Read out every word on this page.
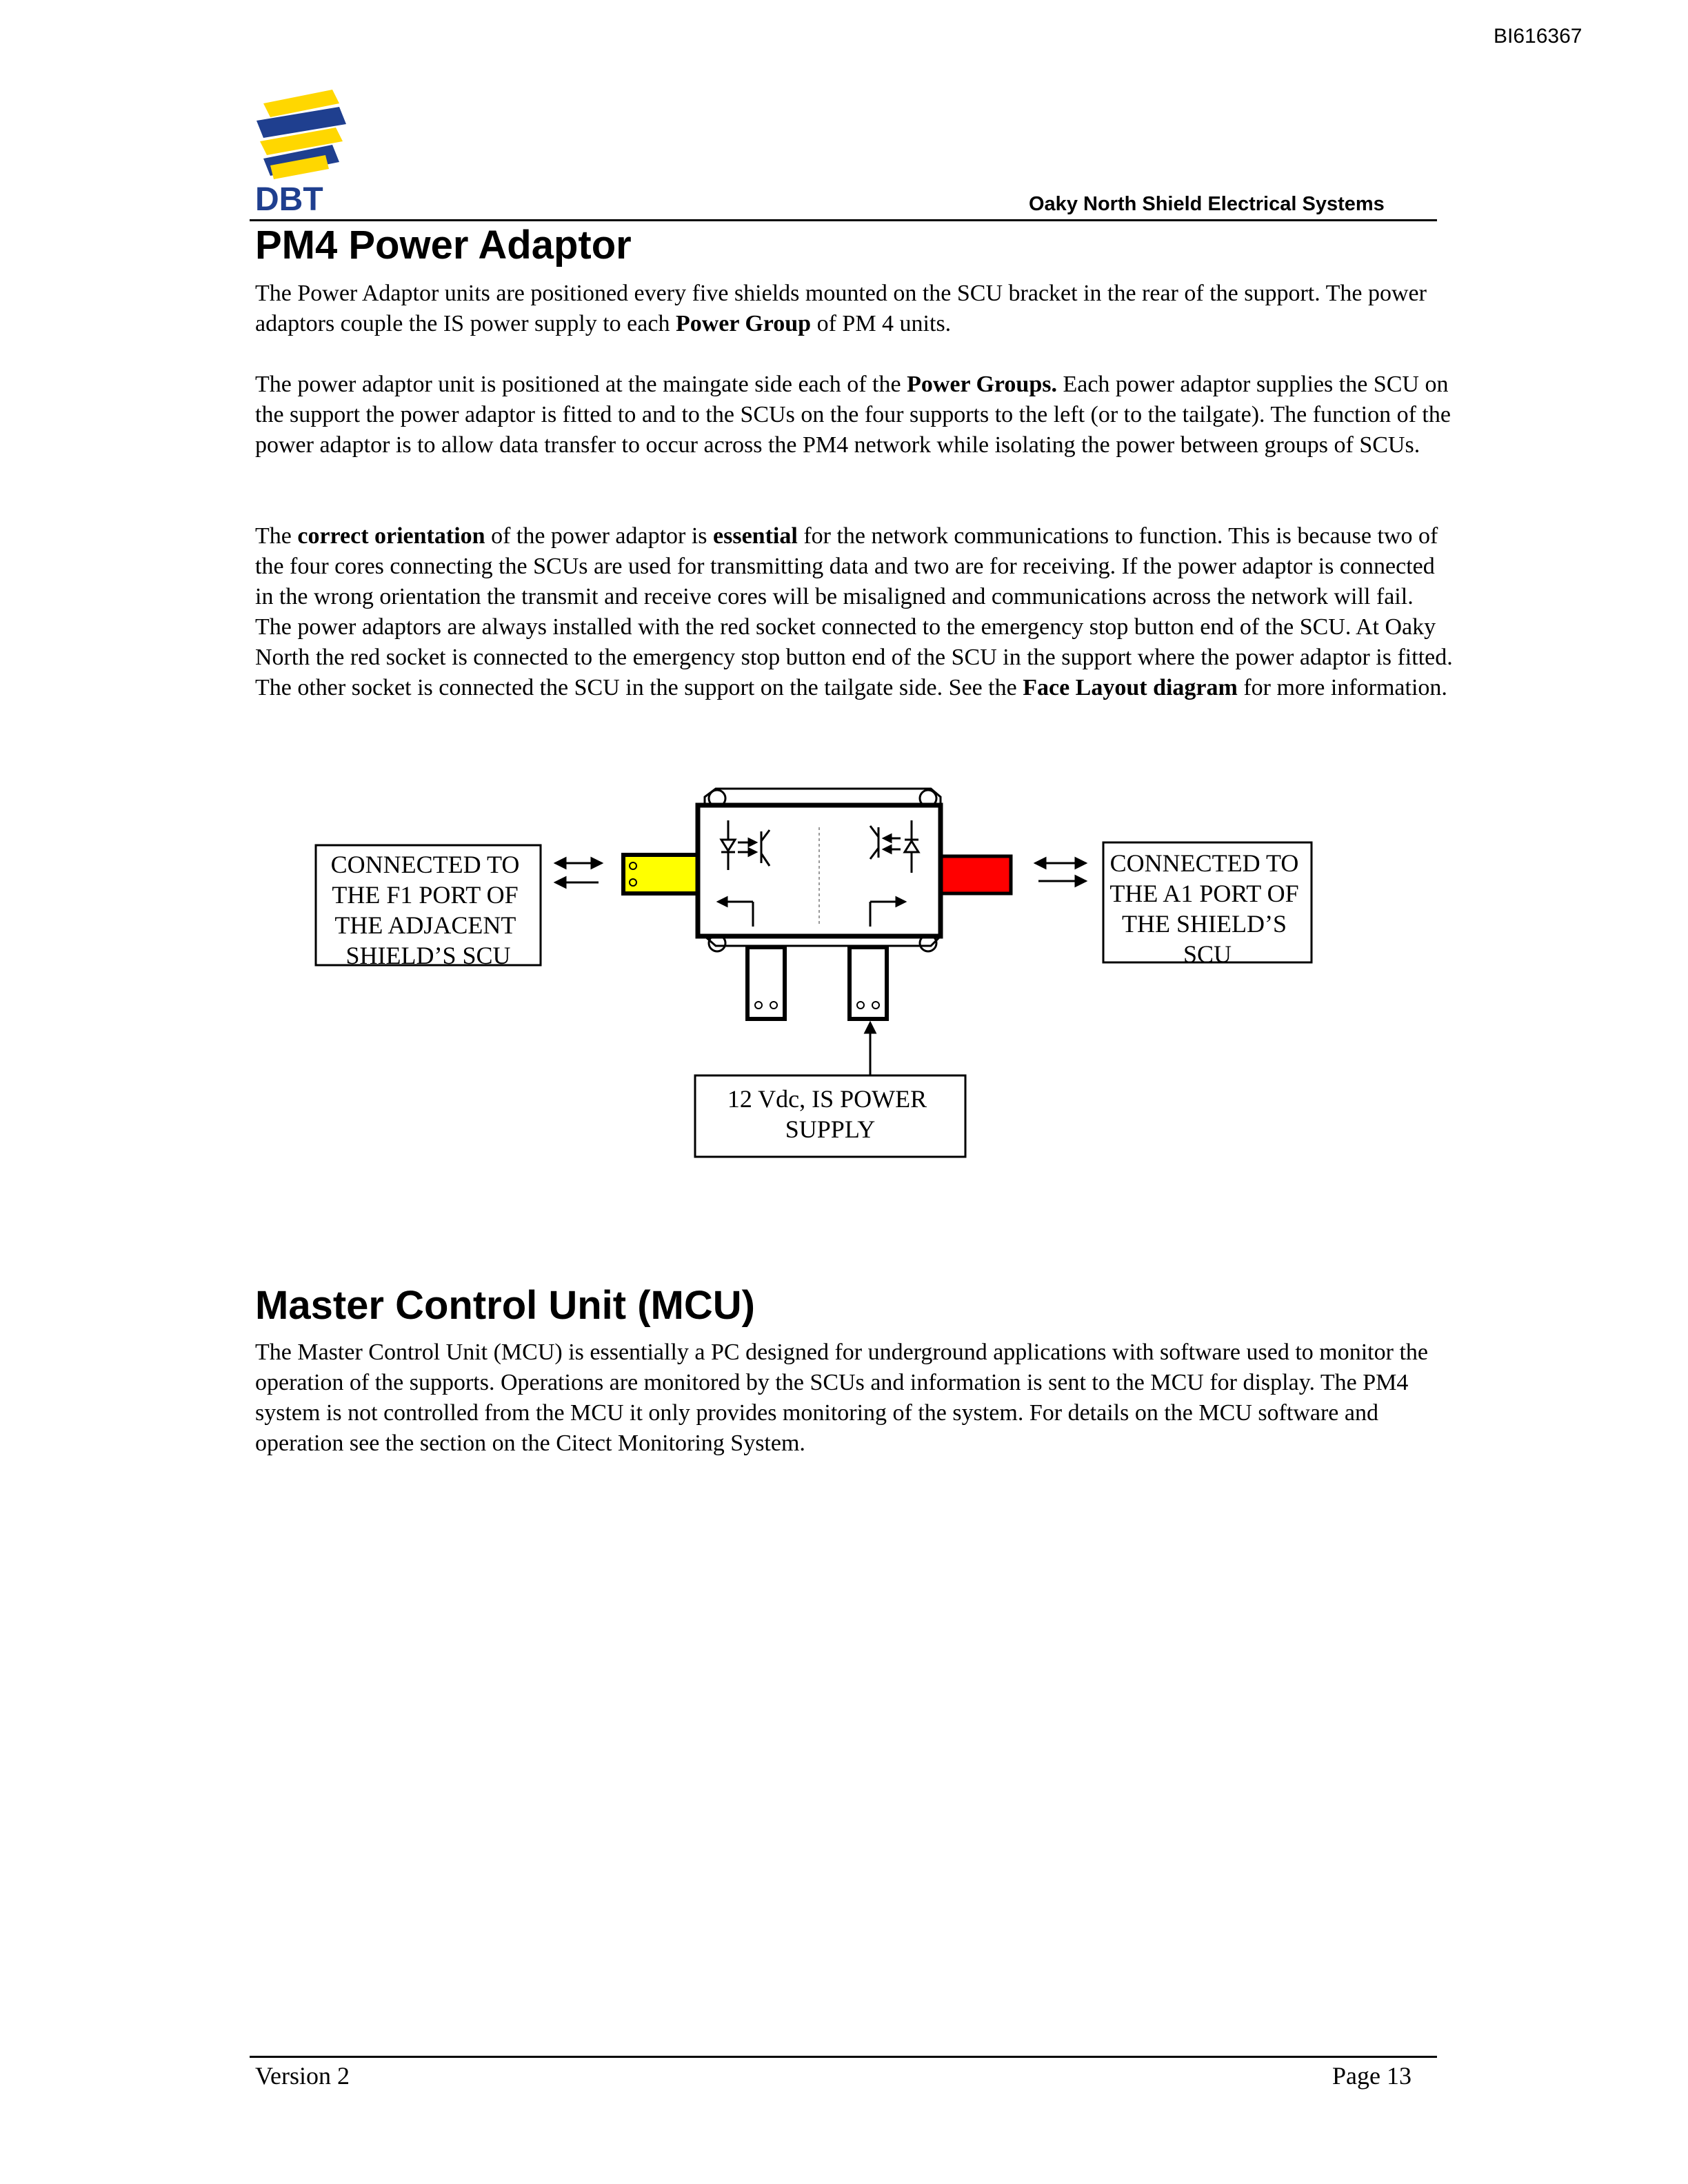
BI616367
DBT	Oaky North Shield Electrical Systems
PM4 Power Adaptor
The Power Adaptor units are positioned every five shields mounted on the SCU bracket in the rear of the support. The power adaptors couple the IS power supply to each Power Group of PM 4 units.
The power adaptor unit is positioned at the maingate side each of the Power Groups. Each power adaptor supplies the SCU on the support the power adaptor is fitted to and to the SCUs on the four supports to the left (or to the tailgate). The function of the power adaptor is to allow data transfer to occur across the PM4 network while isolating the power between groups of SCUs.
The correct orientation of the power adaptor is essential for the network communications to function. This is because two of the four cores connecting the SCUs are used for transmitting data and two are for receiving. If the power adaptor is connected in the wrong orientation the transmit and receive cores will be misaligned and communications across the network will fail. The power adaptors are always installed with the red socket connected to the emergency stop button end of the SCU. At Oaky North the red socket is connected to the emergency stop button end of the SCU in the support where the power adaptor is fitted. The other socket is connected the SCU in the support on the tailgate side. See the Face Layout diagram for more information.
CONNECTED TO THE F1 PORT OF THE ADJACENT SHIELD’S SCU
CONNECTED TO THE A1 PORT OF THE SHIELD’S SCU
12 Vdc, IS POWER SUPPLY
Master Control Unit (MCU)
The Master Control Unit (MCU) is essentially a PC designed for underground applications with software used to monitor the operation of the supports. Operations are monitored by the SCUs and information is sent to the MCU for display. The PM4 system is not controlled from the MCU it only provides monitoring of the system. For details on the MCU software and operation see the section on the Citect Monitoring System.
Version 2	Page 13
